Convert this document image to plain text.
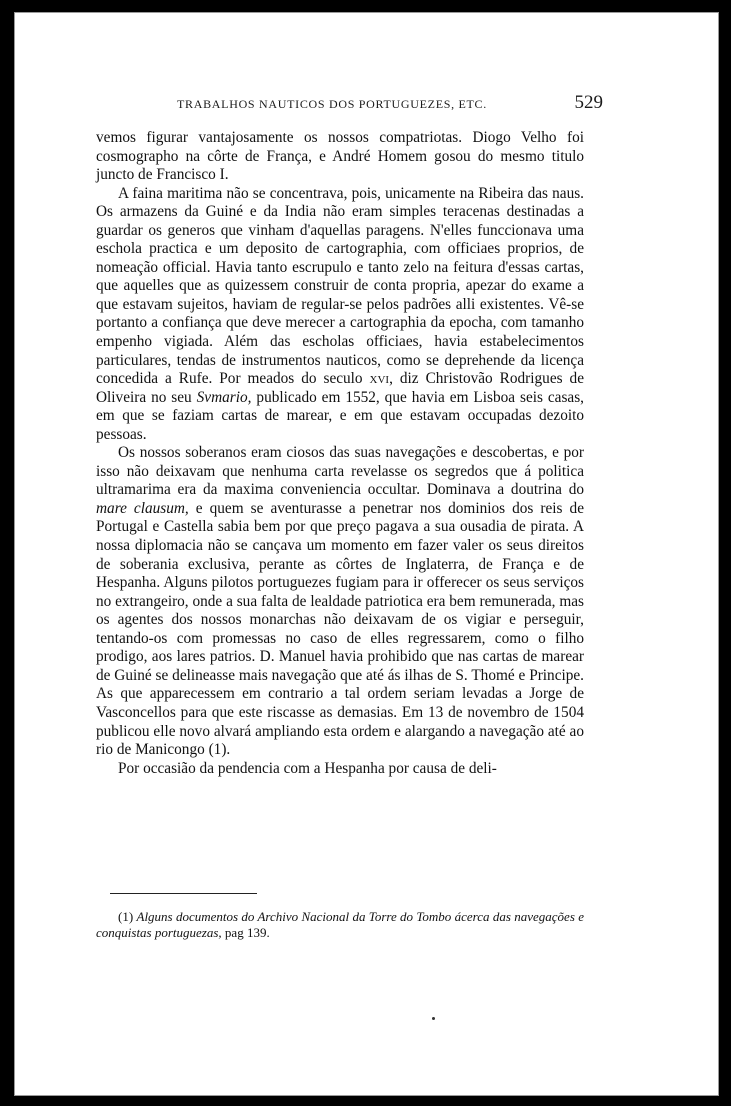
TRABALHOS NAUTICOS DOS PORTUGUEZES, ETC.	529

vemos figurar vantajosamente os nossos compatriotas. Diogo Velho foi cosmographo na côrte de França, e André Homem gosou do mesmo titulo juncto de Francisco I.

A faina maritima não se concentrava, pois, unicamente na Ribeira das naus. Os armazens da Guiné e da India não eram simples teracenas destinadas a guardar os generos que vinham d'aquellas paragens. N'elles funccionava uma eschola practica e um deposito de cartographia, com officiaes proprios, de nomeação official. Havia tanto escrupulo e tanto zelo na feitura d'essas cartas, que aquelles que as quizessem construir de conta propria, apezar do exame a que estavam sujeitos, haviam de regular-se pelos padrões alli existentes. Vê-se portanto a confiança que deve merecer a cartographia da epocha, com tamanho empenho vigiada. Além das escholas officiaes, havia estabelecimentos particulares, tendas de instrumentos nauticos, como se deprehende da licença concedida a Rufe. Por meados do seculo xvi, diz Christovão Rodrigues de Oliveira no seu Svmario, publicado em 1552, que havia em Lisboa seis casas, em que se faziam cartas de marear, e em que estavam occupadas dezoito pessoas.

Os nossos soberanos eram ciosos das suas navegações e descobertas, e por isso não deixavam que nenhuma carta revelasse os segredos que á politica ultramarima era da maxima conveniencia occultar. Dominava a doutrina do mare clausum, e quem se aventurasse a penetrar nos dominios dos reis de Portugal e Castella sabia bem por que preço pagava a sua ousadia de pirata. A nossa diplomacia não se cançava um momento em fazer valer os seus direitos de soberania exclusiva, perante as côrtes de Inglaterra, de França e de Hespanha. Alguns pilotos portuguezes fugiam para ir offerecer os seus serviços no extrangeiro, onde a sua falta de lealdade patriotica era bem remunerada, mas os agentes dos nossos monarchas não deixavam de os vigiar e perseguir, tentando-os com promessas no caso de elles regressarem, como o filho prodigo, aos lares patrios. D. Manuel havia prohibido que nas cartas de marear de Guiné se delineasse mais navegação que até ás ilhas de S. Thomé e Principe. As que apparecessem em contrario a tal ordem seriam levadas a Jorge de Vasconcellos para que este riscasse as demasias. Em 13 de novembro de 1504 publicou elle novo alvará ampliando esta ordem e alargando a navegação até ao rio de Manicongo (1).

Por occasião da pendencia com a Hespanha por causa de deli-

(1) Alguns documentos do Archivo Nacional da Torre do Tombo ácerca das navegações e conquistas portuguezas, pag 139.
